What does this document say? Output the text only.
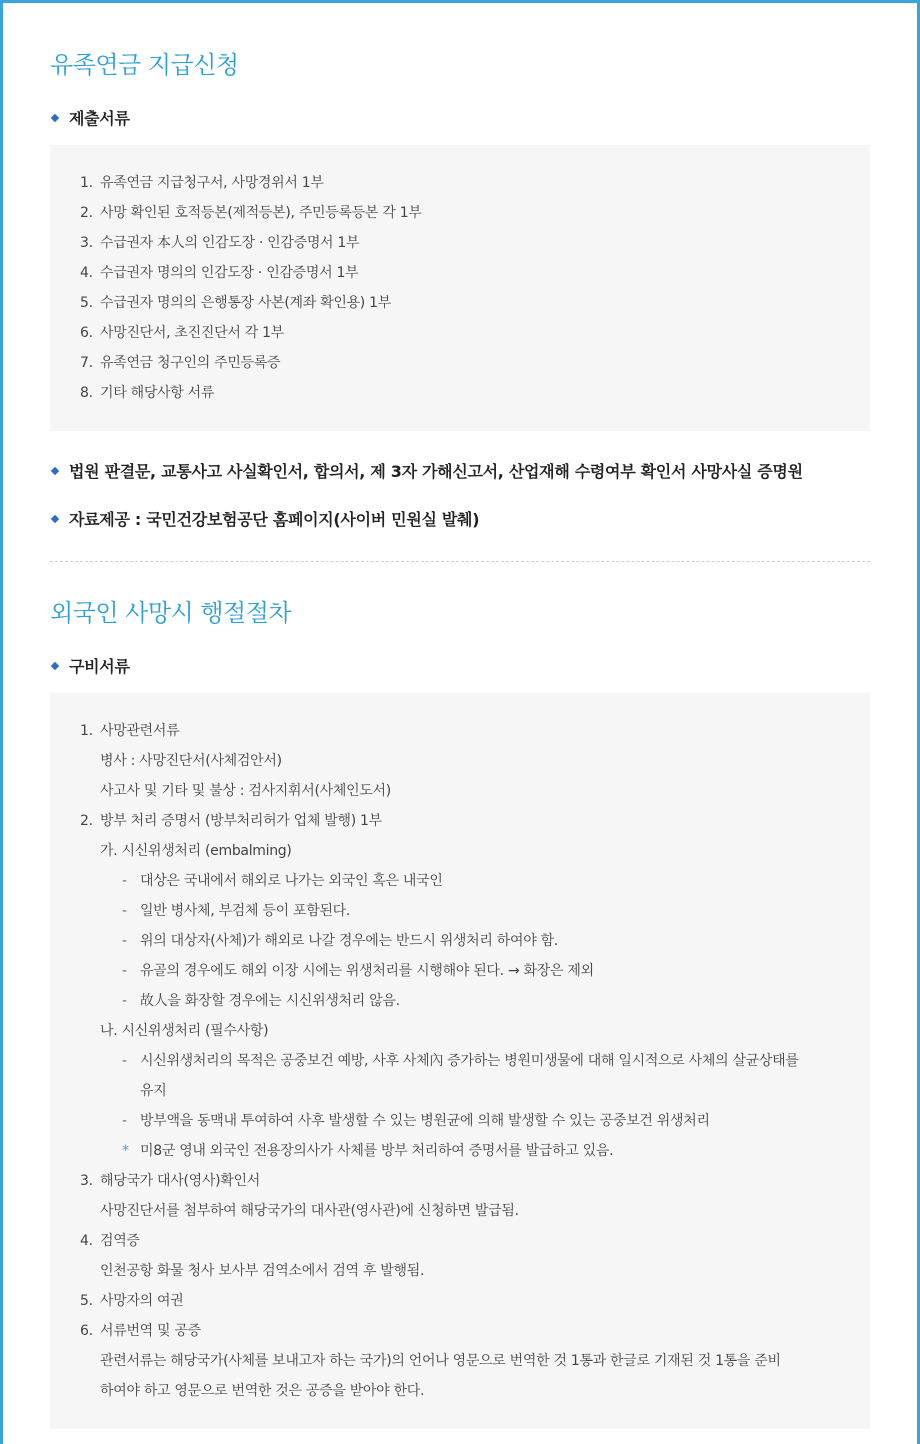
유족연금 지급신청

제출서류

1. 유족연금 지급청구서, 사망경위서 1부
2. 사망 확인된 호적등본(제적등본), 주민등록등본 각 1부
3. 수급권자 本人의 인감도장 · 인감증명서 1부
4. 수급권자 명의의 인감도장 · 인감증명서 1부
5. 수급권자 명의의 은행통장 사본(계좌 확인용) 1부
6. 사망진단서, 초진진단서 각 1부
7. 유족연금 청구인의 주민등록증
8. 기타 해당사항 서류

법원 판결문, 교통사고 사실확인서, 합의서, 제 3자 가해신고서, 산업재해 수령여부 확인서 사망사실 증명원

자료제공 : 국민건강보험공단 홈페이지(사이버 민원실 발췌)

외국인 사망시 행절절차

구비서류

1. 사망관련서류
병사 : 사망진단서(사체검안서)
사고사 및 기타 및 불상 : 검사지휘서(사체인도서)
2. 방부 처리 증명서 (방부처리허가 업체 발행) 1부
가. 시신위생처리 (embalming)
- 대상은 국내에서 해외로 나가는 외국인 혹은 내국인
- 일반 병사체, 부검체 등이 포함된다.
- 위의 대상자(사체)가 해외로 나갈 경우에는 반드시 위생처리 하여야 함.
- 유골의 경우에도 해외 이장 시에는 위생처리를 시행해야 된다. → 화장은 제외
- 故人을 화장할 경우에는 시신위생처리 않음.
나. 시신위생처리 (필수사항)
- 시신위생처리의 목적은 공중보건 예방, 사후 사체內 증가하는 병원미생물에 대해 일시적으로 사체의 살균상태를
유지
- 방부액을 동맥내 투여하여 사후 발생할 수 있는 병원균에 의해 발생할 수 있는 공중보건 위생처리
* 미8군 영내 외국인 전용장의사가 사체를 방부 처리하여 증명서를 발급하고 있음.
3. 해당국가 대사(영사)확인서
사망진단서를 첨부하여 해당국가의 대사관(영사관)에 신청하면 발급됨.
4. 검역증
인천공항 화물 청사 보사부 검역소에서 검역 후 발행됨.
5. 사망자의 여권
6. 서류번역 및 공증
관련서류는 해당국가(사체를 보내고자 하는 국가)의 언어나 영문으로 번역한 것 1통과 한글로 기재된 것 1통을 준비
하여야 하고 영문으로 번역한 것은 공증을 받아야 한다.
